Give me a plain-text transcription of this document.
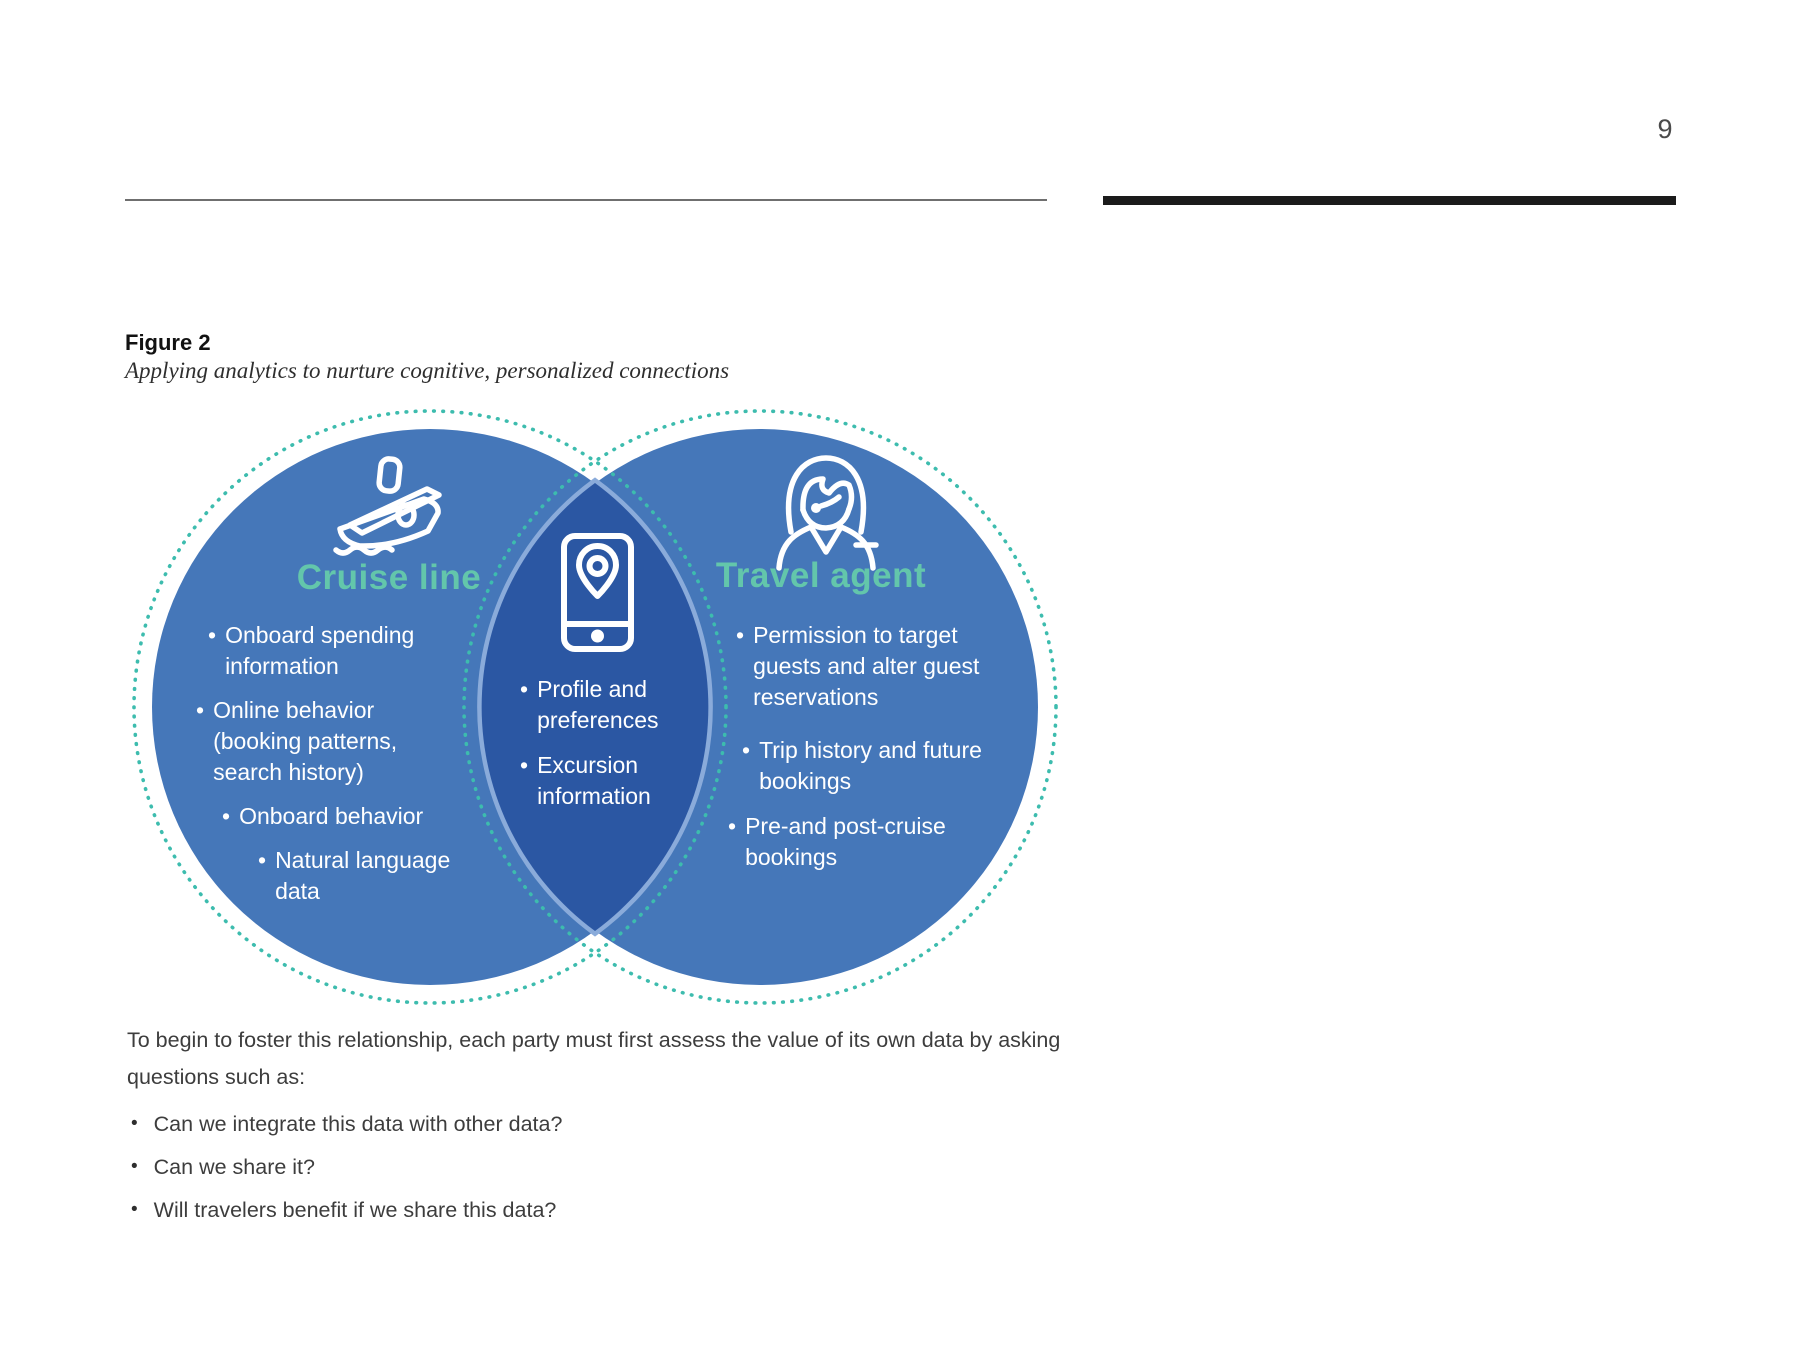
9
Figure 2
Applying analytics to nurture cognitive, personalized connections
Cruise line	Travel agent
• Onboard spending information
• Online behavior (booking patterns, search history)
• Onboard behavior
• Natural language data
• Profile and preferences
• Excursion information
• Permission to target guests and alter guest reservations
• Trip history and future bookings
• Pre-and post-cruise bookings
To begin to foster this relationship, each party must first assess the value of its own data by asking questions such as:
• Can we integrate this data with other data?
• Can we share it?
• Will travelers benefit if we share this data?
